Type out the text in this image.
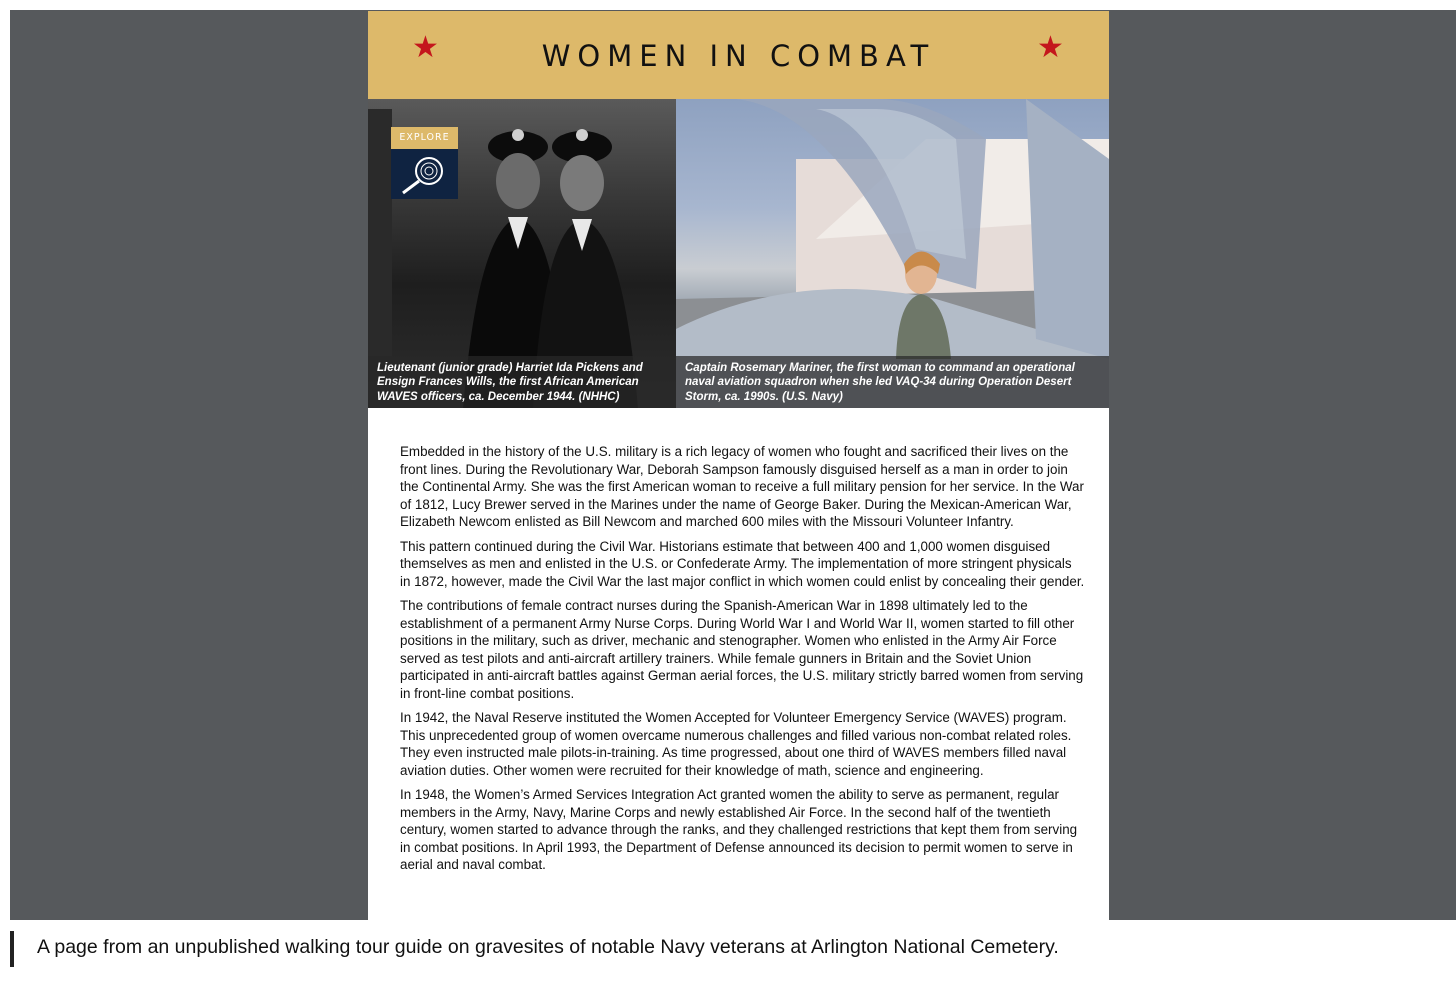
★	WOMEN IN COMBAT	★
EXPLORE
Lieutenant (junior grade) Harriet Ida Pickens and Ensign Frances Wills, the first African American WAVES officers, ca. December 1944. (NHHC)
Captain Rosemary Mariner, the first woman to command an operational naval aviation squadron when she led VAQ-34 during Operation Desert Storm, ca. 1990s. (U.S. Navy)

Embedded in the history of the U.S. military is a rich legacy of women who fought and sacrificed their lives on the front lines. During the Revolutionary War, Deborah Sampson famously disguised herself as a man in order to join the Continental Army. She was the first American woman to receive a full military pension for her service. In the War of 1812, Lucy Brewer served in the Marines under the name of George Baker. During the Mexican-American War, Elizabeth Newcom enlisted as Bill Newcom and marched 600 miles with the Missouri Volunteer Infantry.

This pattern continued during the Civil War. Historians estimate that between 400 and 1,000 women disguised themselves as men and enlisted in the U.S. or Confederate Army. The implementation of more stringent physicals in 1872, however, made the Civil War the last major conflict in which women could enlist by concealing their gender.

The contributions of female contract nurses during the Spanish-American War in 1898 ultimately led to the establishment of a permanent Army Nurse Corps. During World War I and World War II, women started to fill other positions in the military, such as driver, mechanic and stenographer. Women who enlisted in the Army Air Force served as test pilots and anti-aircraft artillery trainers. While female gunners in Britain and the Soviet Union participated in anti-aircraft battles against German aerial forces, the U.S. military strictly barred women from serving in front-line combat positions.

In 1942, the Naval Reserve instituted the Women Accepted for Volunteer Emergency Service (WAVES) program. This unprecedented group of women overcame numerous challenges and filled various non-combat related roles. They even instructed male pilots-in-training. As time progressed, about one third of WAVES members filled naval aviation duties. Other women were recruited for their knowledge of math, science and engineering.

In 1948, the Women’s Armed Services Integration Act granted women the ability to serve as permanent, regular members in the Army, Navy, Marine Corps and newly established Air Force. In the second half of the twentieth century, women started to advance through the ranks, and they challenged restrictions that kept them from serving in combat positions. In April 1993, the Department of Defense announced its decision to permit women to serve in aerial and naval combat.

A page from an unpublished walking tour guide on gravesites of notable Navy veterans at Arlington National Cemetery.
